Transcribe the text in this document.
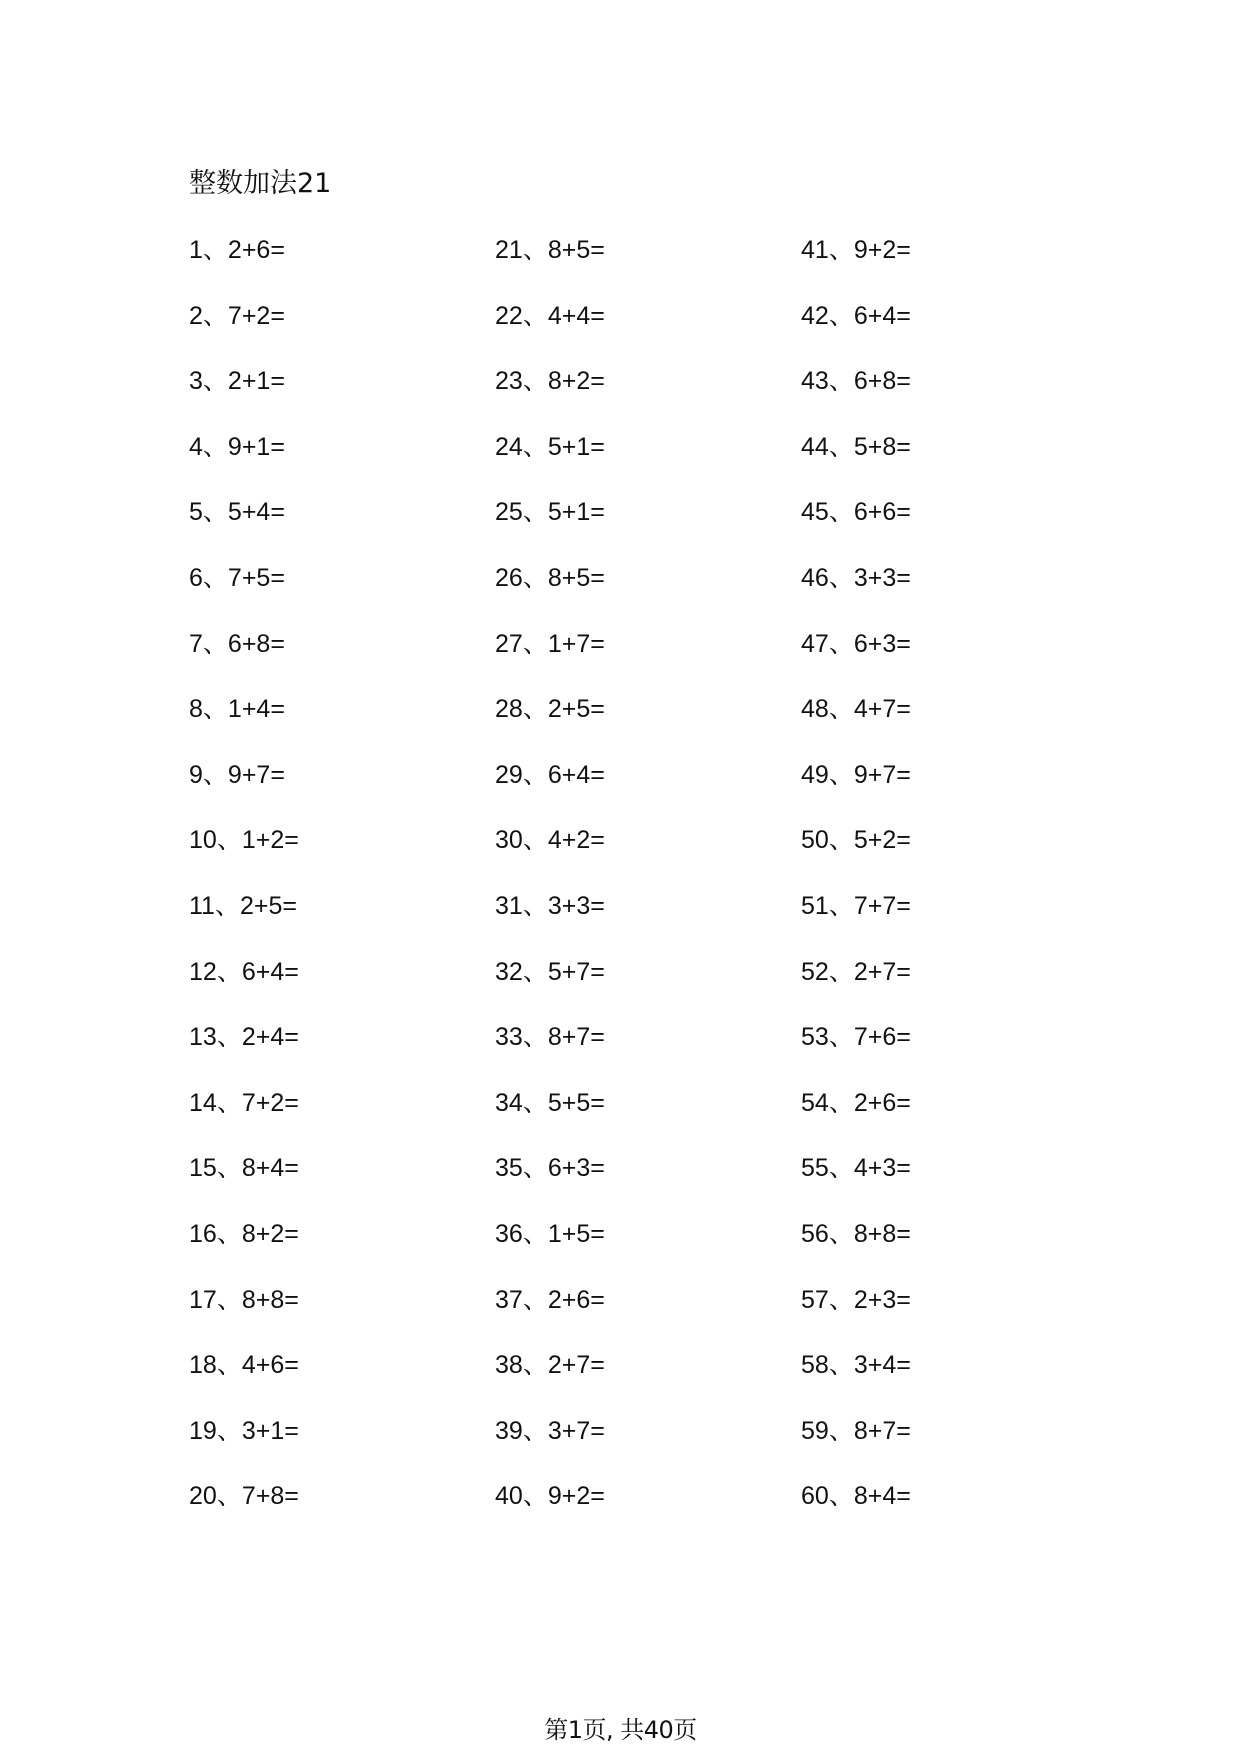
整数加法21
1、2+6=
2、7+2=
3、2+1=
4、9+1=
5、5+4=
6、7+5=
7、6+8=
8、1+4=
9、9+7=
10、1+2=
11、2+5=
12、6+4=
13、2+4=
14、7+2=
15、8+4=
16、8+2=
17、8+8=
18、4+6=
19、3+1=
20、7+8=
21、8+5=
22、4+4=
23、8+2=
24、5+1=
25、5+1=
26、8+5=
27、1+7=
28、2+5=
29、6+4=
30、4+2=
31、3+3=
32、5+7=
33、8+7=
34、5+5=
35、6+3=
36、1+5=
37、2+6=
38、2+7=
39、3+7=
40、9+2=
41、9+2=
42、6+4=
43、6+8=
44、5+8=
45、6+6=
46、3+3=
47、6+3=
48、4+7=
49、9+7=
50、5+2=
51、7+7=
52、2+7=
53、7+6=
54、2+6=
55、4+3=
56、8+8=
57、2+3=
58、3+4=
59、8+7=
60、8+4=
第1页, 共40页
